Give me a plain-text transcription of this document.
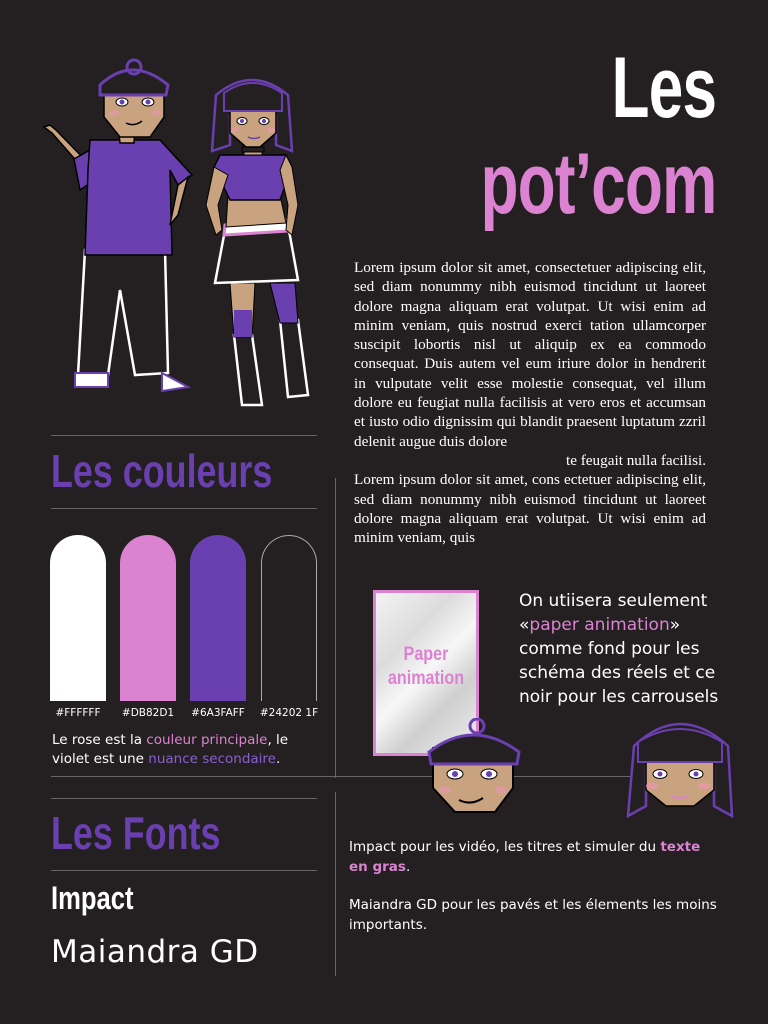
Les
pot’com

Lorem ipsum dolor sit amet, consectetuer adipiscing elit, sed diam nonummy nibh euismod tincidunt ut laoreet dolore magna aliquam erat volutpat. Ut wisi enim ad minim veniam, quis nostrud exerci tation ullamcorper suscipit lobortis nisl ut aliquip ex ea commodo consequat. Duis autem vel eum iriure dolor in hendrerit in vulputate velit esse molestie consequat, vel illum dolore eu feugiat nulla facilisis at vero eros et accumsan et iusto odio dignissim qui blandit praesent luptatum zzril delenit augue duis dolore

te feugait nulla facilisi.

Lorem ipsum dolor sit amet, cons ectetuer adipiscing elit, sed diam nonummy nibh euismod tincidunt ut laoreet dolore magna aliquam erat volutpat. Ut wisi enim ad minim veniam, quis

Les couleurs
#FFFFFF	#DB82D1	#6A3FAFF	#24202 1F
Le rose est la couleur principale, le violet est une nuance secondaire.
Paper
animation
On utiisera seulement «paper animation» comme fond pour les schéma des réels et ce noir pour les carrousels
Les Fonts
Impact
Maiandra GD

Impact pour les vidéo, les titres et simuler du texte en gras.

Maiandra GD pour les pavés et les élements les moins importants.
